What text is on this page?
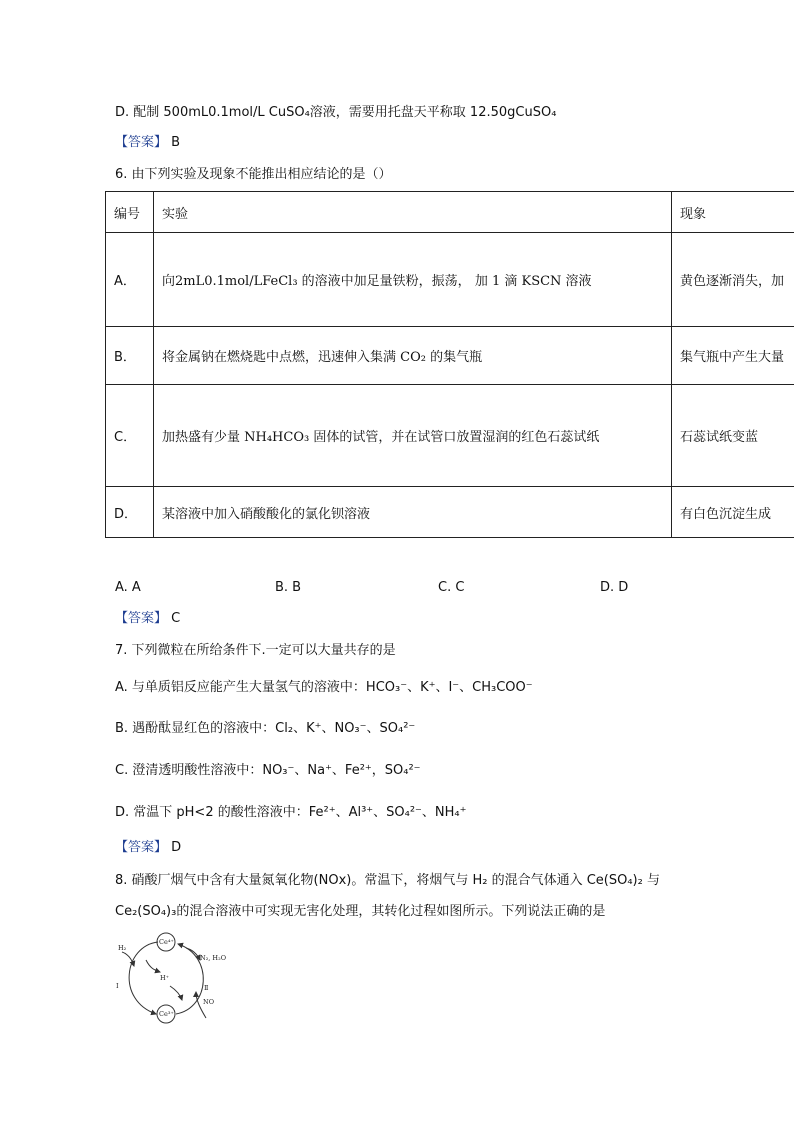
D. 配制 500mL0.1mol/L CuSO₄溶液，需要用托盘天平称取 12.50gCuSO₄
【答案】 B
6. 由下列实验及现象不能推出相应结论的是（）
编号	实验	现象
A．	向2mL0.1mol/LFeCl₃ 的溶液中加足量铁粉，振荡， 加 1 滴 KSCN 溶液	黄色逐渐消失，加
B．	将金属钠在燃烧匙中点燃，迅速伸入集满 CO₂ 的集气瓶	集气瓶中产生大量
C．	加热盛有少量 NH₄HCO₃ 固体的试管，并在试管口放置湿润的红色石蕊试纸	石蕊试纸变蓝
D．	某溶液中加入硝酸酸化的氯化钡溶液	有白色沉淀生成
A. A	B. B	C. C	D. D
【答案】 C
7. 下列微粒在所给条件下.一定可以大量共存的是
A. 与单质铝反应能产生大量氢气的溶液中：HCO₃⁻、K⁺、I⁻、CH₃COO⁻
B. 遇酚酞显红色的溶液中：Cl₂、K⁺、NO₃⁻、SO₄²⁻
C. 澄清透明酸性溶液中：NO₃⁻、Na⁺、Fe²⁺，SO₄²⁻
D. 常温下 pH<2 的酸性溶液中：Fe²⁺、Al³⁺、SO₄²⁻、NH₄⁺
【答案】 D
8. 硝酸厂烟气中含有大量氮氧化物(NOx)。常温下，将烟气与 H₂ 的混合气体通入 Ce(SO₄)₂ 与
Ce₂(SO₄)₃的混合溶液中可实现无害化处理，其转化过程如图所示。下列说法正确的是
Ce⁴⁺
Ce³⁺
H₂
H⁺
N₂, H₂O
NO
Ⅰ	Ⅱ
